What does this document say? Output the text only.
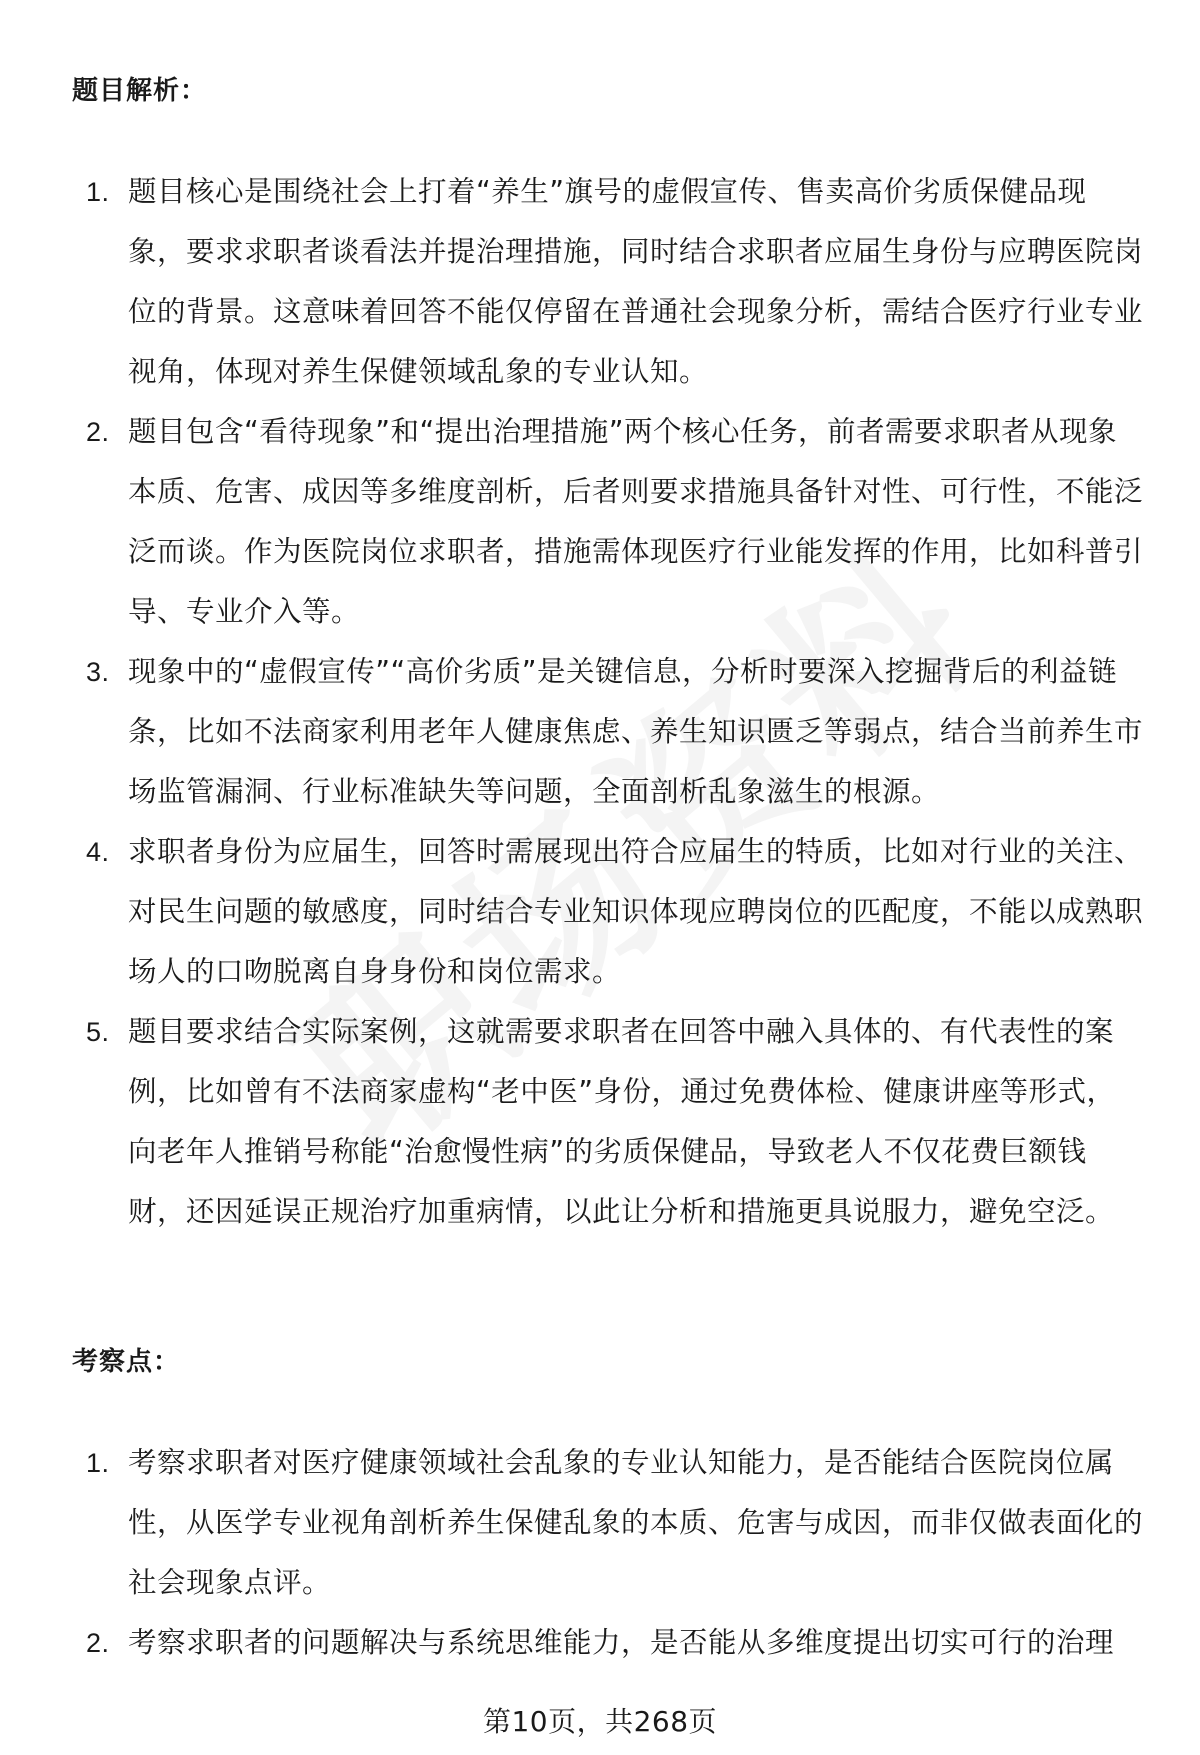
题目解析：
1. 题目核心是围绕社会上打着“养生”旗号的虚假宣传、售卖高价劣质保健品现象，要求求职者谈看法并提治理措施，同时结合求职者应届生身份与应聘医院岗位的背景。这意味着回答不能仅停留在普通社会现象分析，需结合医疗行业专业视角，体现对养生保健领域乱象的专业认知。
2. 题目包含“看待现象”和“提出治理措施”两个核心任务，前者需要求职者从现象本质、危害、成因等多维度剖析，后者则要求措施具备针对性、可行性，不能泛泛而谈。作为医院岗位求职者，措施需体现医疗行业能发挥的作用，比如科普引导、专业介入等。
3. 现象中的“虚假宣传”“高价劣质”是关键信息，分析时要深入挖掘背后的利益链条，比如不法商家利用老年人健康焦虑、养生知识匮乏等弱点，结合当前养生市场监管漏洞、行业标准缺失等问题，全面剖析乱象滋生的根源。
4. 求职者身份为应届生，回答时需展现出符合应届生的特质，比如对行业的关注、对民生问题的敏感度，同时结合专业知识体现应聘岗位的匹配度，不能以成熟职场人的口吻脱离自身身份和岗位需求。
5. 题目要求结合实际案例，这就需要求职者在回答中融入具体的、有代表性的案例，比如曾有不法商家虚构“老中医”身份，通过免费体检、健康讲座等形式，向老年人推销号称能“治愈慢性病”的劣质保健品，导致老人不仅花费巨额钱财，还因延误正规治疗加重病情，以此让分析和措施更具说服力，避免空泛。
考察点：
1. 考察求职者对医疗健康领域社会乱象的专业认知能力，是否能结合医院岗位属性，从医学专业视角剖析养生保健乱象的本质、危害与成因，而非仅做表面化的社会现象点评。
2. 考察求职者的问题解决与系统思维能力，是否能从多维度提出切实可行的治理
第10页，共268页
